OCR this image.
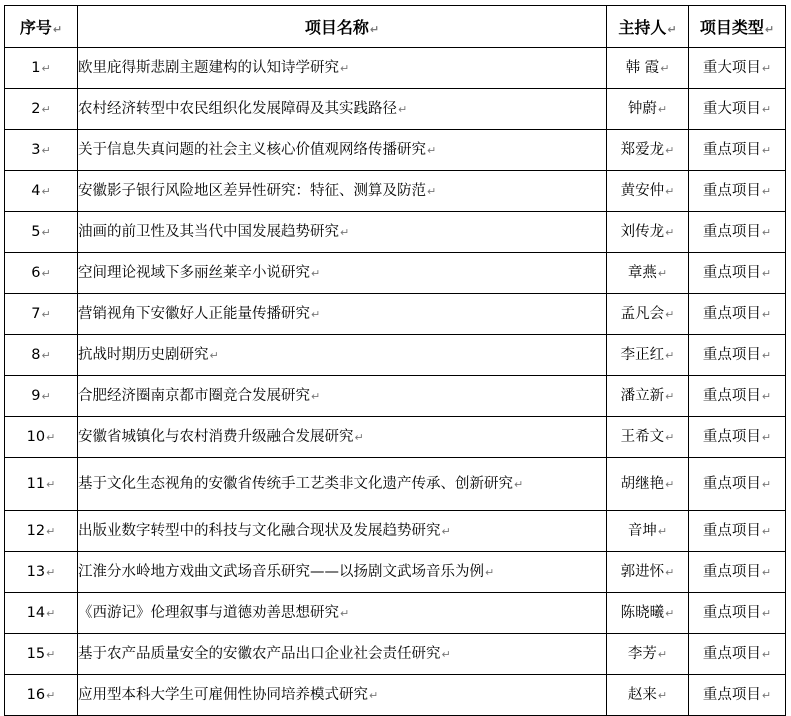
序号↵	项目名称↵	主持人↵	项目类型↵
1↵	欧里庇得斯悲剧主题建构的认知诗学研究↵	韩 霞↵	重大项目↵
2↵	农村经济转型中农民组织化发展障碍及其实践路径↵	钟蔚↵	重大项目↵
3↵	关于信息失真问题的社会主义核心价值观网络传播研究↵	郑爱龙↵	重点项目↵
4↵	安徽影子银行风险地区差异性研究：特征、测算及防范↵	黄安仲↵	重点项目↵
5↵	油画的前卫性及其当代中国发展趋势研究↵	刘传龙↵	重点项目↵
6↵	空间理论视域下多丽丝莱辛小说研究↵	章燕↵	重点项目↵
7↵	营销视角下安徽好人正能量传播研究↵	孟凡会↵	重点项目↵
8↵	抗战时期历史剧研究↵	李正红↵	重点项目↵
9↵	合肥经济圈南京都市圈竞合发展研究↵	潘立新↵	重点项目↵
10↵	安徽省城镇化与农村消费升级融合发展研究↵	王希文↵	重点项目↵
11↵	基于文化生态视角的安徽省传统手工艺类非文化遗产传承、创新研究↵	胡继艳↵	重点项目↵
12↵	出版业数字转型中的科技与文化融合现状及发展趋势研究↵	音坤↵	重点项目↵
13↵	江淮分水岭地方戏曲文武场音乐研究——以扬剧文武场音乐为例↵	郭进怀↵	重点项目↵
14↵	《西游记》伦理叙事与道德劝善思想研究↵	陈晓曦↵	重点项目↵
15↵	基于农产品质量安全的安徽农产品出口企业社会责任研究↵	李芳↵	重点项目↵
16↵	应用型本科大学生可雇佣性协同培养模式研究↵	赵来↵	重点项目↵
